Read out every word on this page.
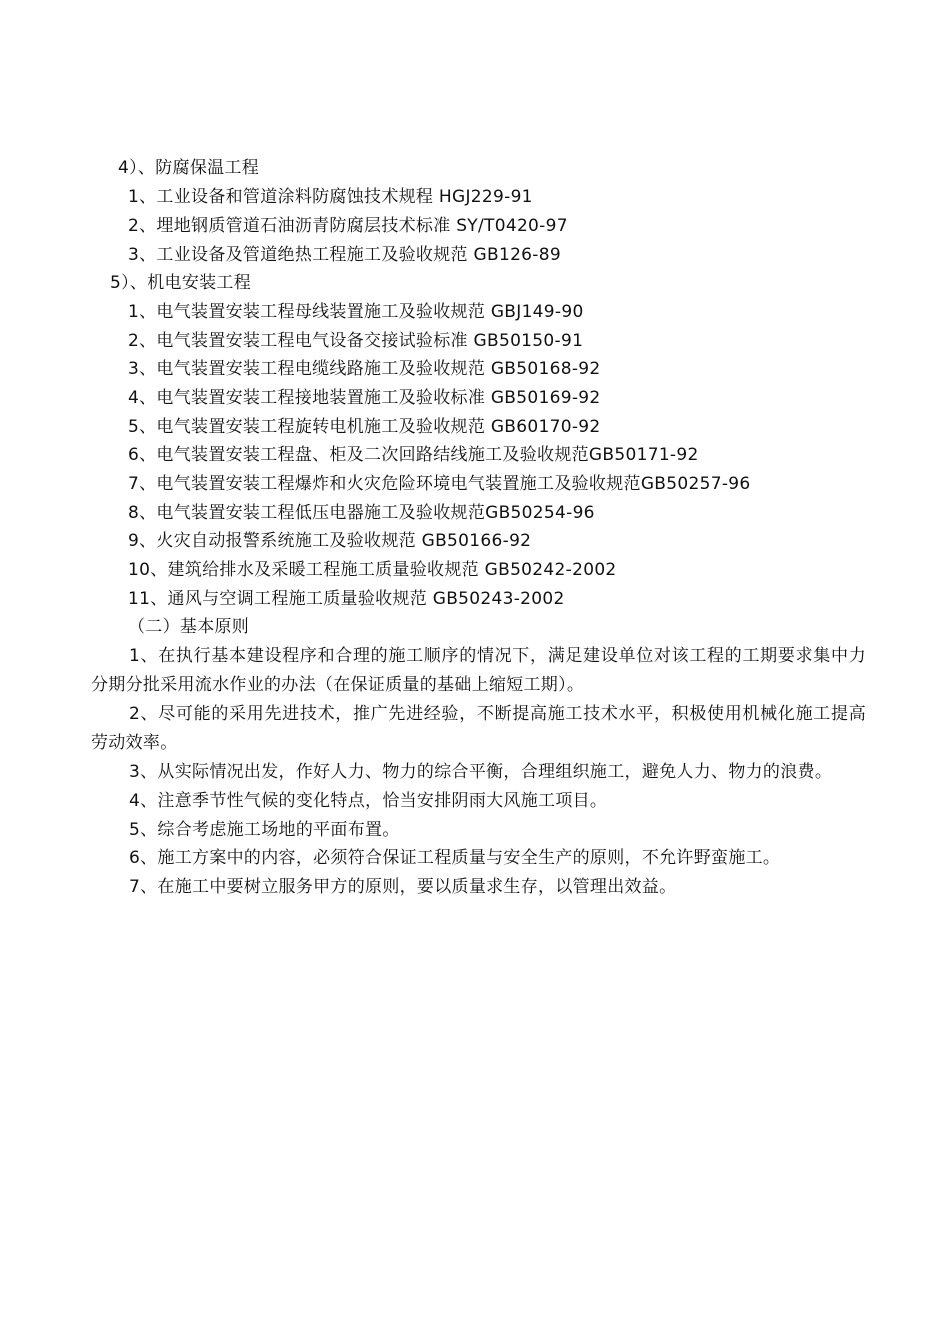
4）、防腐保温工程
1、工业设备和管道涂料防腐蚀技术规程 HGJ229-91
2、埋地钢质管道石油沥青防腐层技术标准 SY/T0420-97
3、工业设备及管道绝热工程施工及验收规范 GB126-89
5）、机电安装工程
1、电气装置安装工程母线装置施工及验收规范 GBJ149-90
2、电气装置安装工程电气设备交接试验标准 GB50150-91
3、电气装置安装工程电缆线路施工及验收规范 GB50168-92
4、电气装置安装工程接地装置施工及验收标准 GB50169-92
5、电气装置安装工程旋转电机施工及验收规范 GB60170-92
6、电气装置安装工程盘、柜及二次回路结线施工及验收规范GB50171-92
7、电气装置安装工程爆炸和火灾危险环境电气装置施工及验收规范GB50257-96
8、电气装置安装工程低压电器施工及验收规范GB50254-96
9、火灾自动报警系统施工及验收规范 GB50166-92
10、建筑给排水及采暖工程施工质量验收规范 GB50242-2002
11、通风与空调工程施工质量验收规范 GB50243-2002
（二）基本原则
1、在执行基本建设程序和合理的施工顺序的情况下，满足建设单位对该工程的工期要求集中力分期分批采用流水作业的办法（在保证质量的基础上缩短工期）。
2、尽可能的采用先进技术，推广先进经验，不断提高施工技术水平，积极使用机械化施工提高劳动效率。
3、从实际情况出发，作好人力、物力的综合平衡，合理组织施工，避免人力、物力的浪费。
4、注意季节性气候的变化特点，恰当安排阴雨大风施工项目。
5、综合考虑施工场地的平面布置。
6、施工方案中的内容，必须符合保证工程质量与安全生产的原则，不允许野蛮施工。
7、在施工中要树立服务甲方的原则，要以质量求生存，以管理出效益。
